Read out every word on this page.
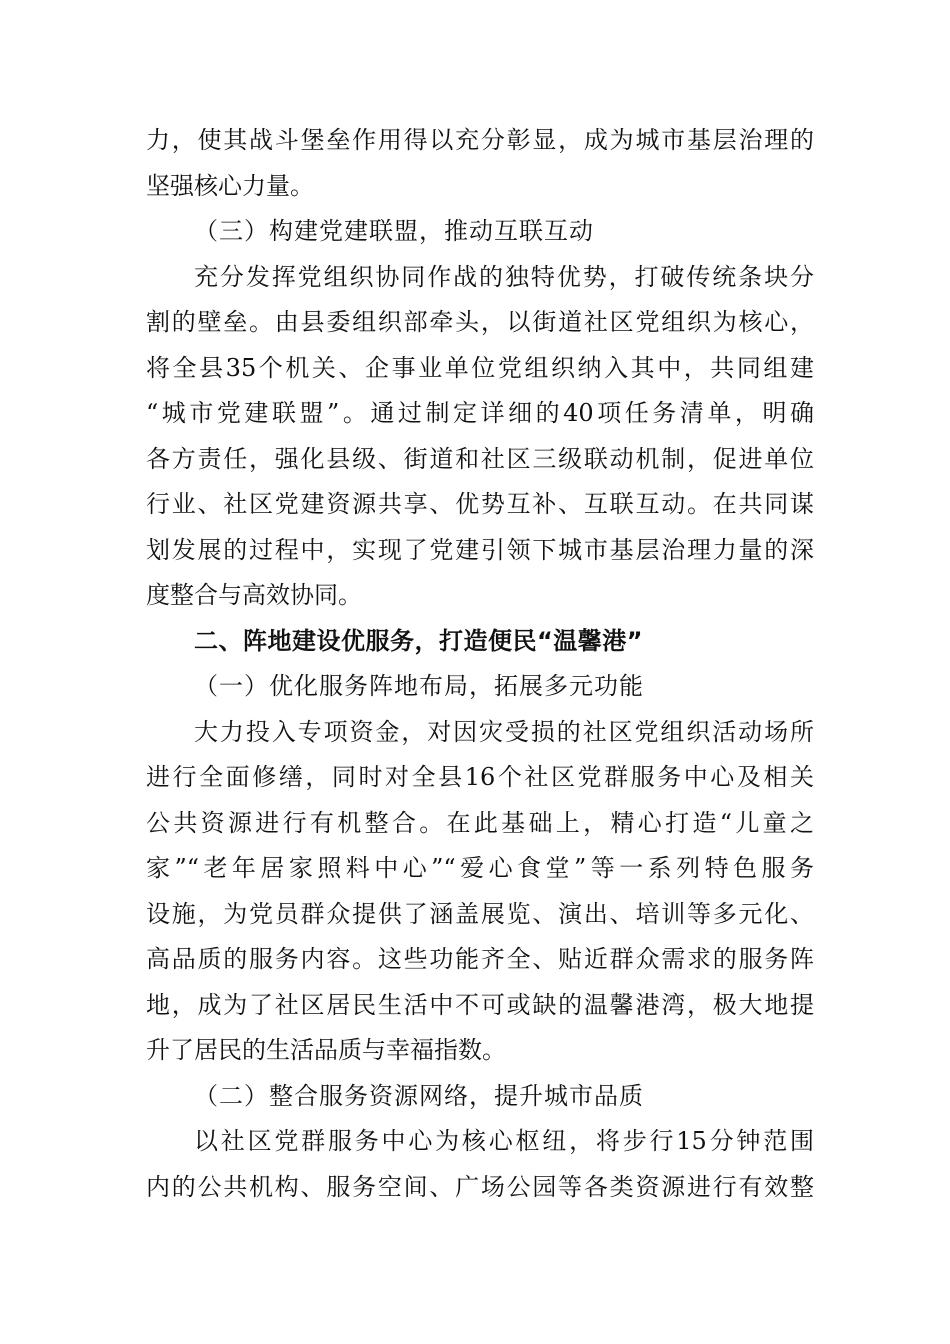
力，使其战斗堡垒作用得以充分彰显，成为城市基层治理的
坚强核心力量。
（三）构建党建联盟，推动互联互动
充分发挥党组织协同作战的独特优势，打破传统条块分
割的壁垒。由县委组织部牵头，以街道社区党组织为核心，
将全县35个机关、企事业单位党组织纳入其中，共同组建
“城市党建联盟”。通过制定详细的40项任务清单，明确
各方责任，强化县级、街道和社区三级联动机制，促进单位
行业、社区党建资源共享、优势互补、互联互动。在共同谋
划发展的过程中，实现了党建引领下城市基层治理力量的深
度整合与高效协同。
二、阵地建设优服务，打造便民“温馨港”
（一）优化服务阵地布局，拓展多元功能
大力投入专项资金，对因灾受损的社区党组织活动场所
进行全面修缮，同时对全县16个社区党群服务中心及相关
公共资源进行有机整合。在此基础上，精心打造“儿童之
家”“老年居家照料中心”“爱心食堂”等一系列特色服务
设施，为党员群众提供了涵盖展览、演出、培训等多元化、
高品质的服务内容。这些功能齐全、贴近群众需求的服务阵
地，成为了社区居民生活中不可或缺的温馨港湾，极大地提
升了居民的生活品质与幸福指数。
（二）整合服务资源网络，提升城市品质
以社区党群服务中心为核心枢纽，将步行15分钟范围
内的公共机构、服务空间、广场公园等各类资源进行有效整
